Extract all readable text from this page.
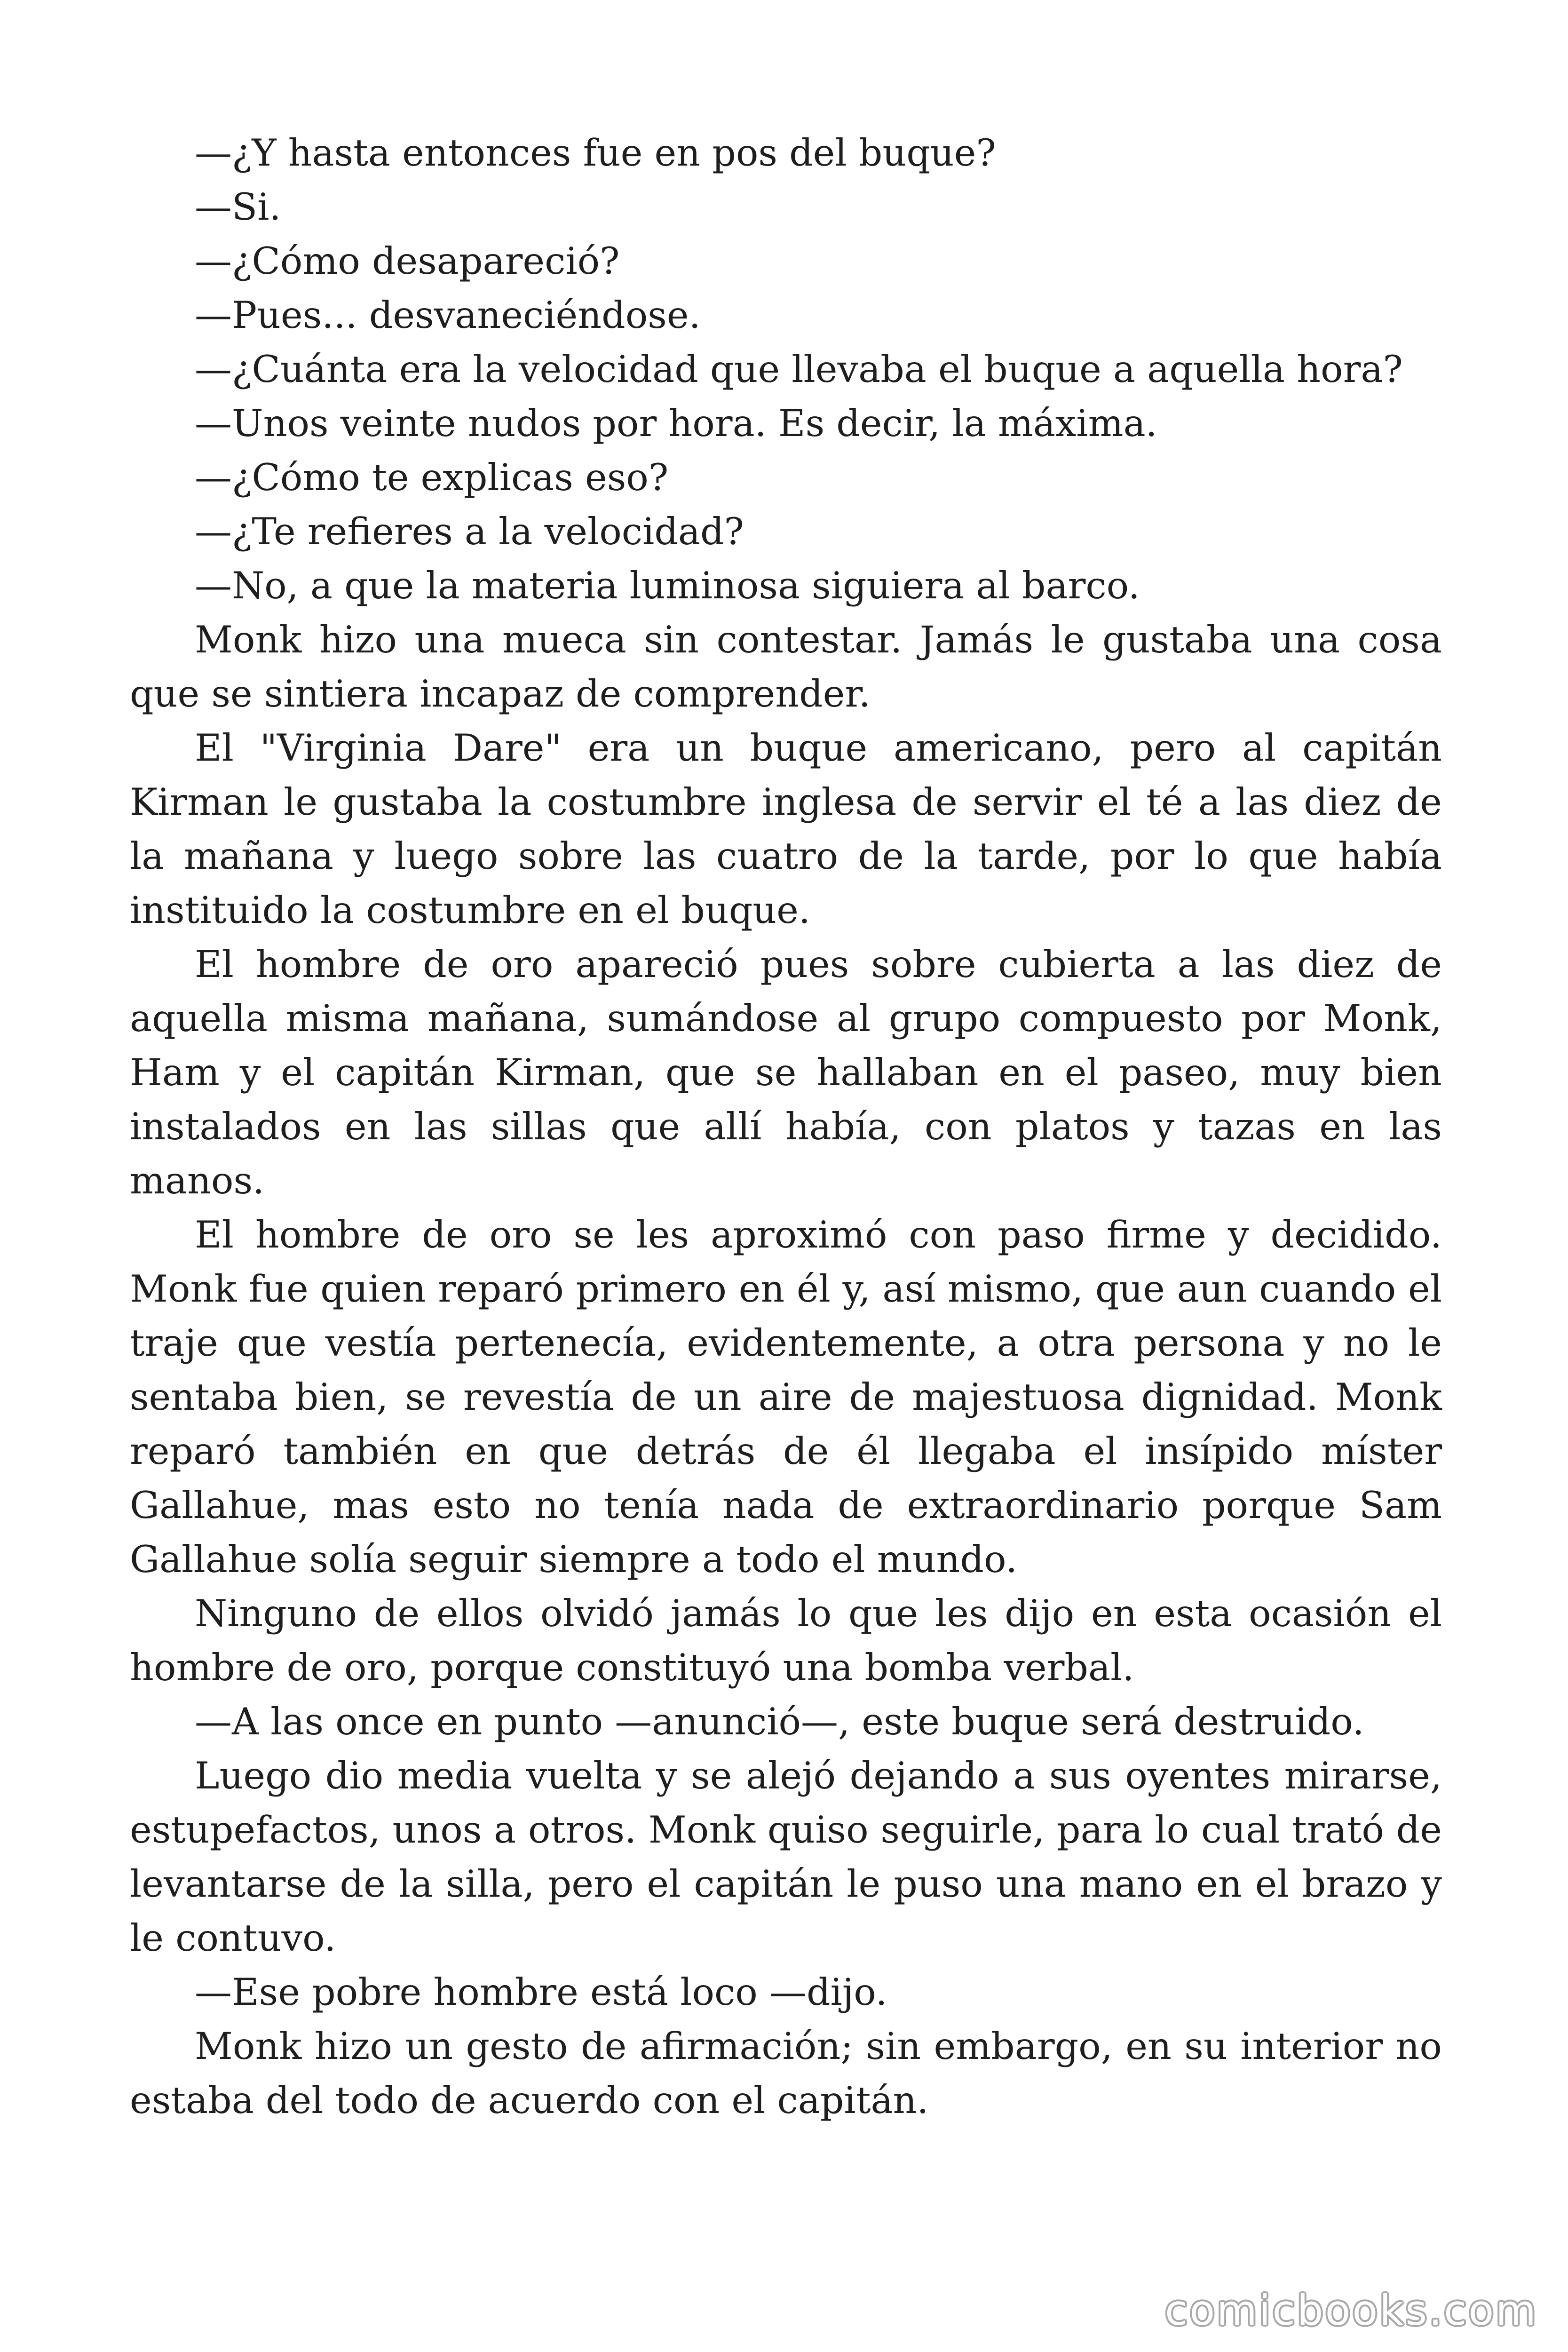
—¿Y hasta entonces fue en pos del buque?

—Si.

—¿Cómo desapareció?

—Pues... desvaneciéndose.

—¿Cuánta era la velocidad que llevaba el buque a aquella hora?

—Unos veinte nudos por hora. Es decir, la máxima.

—¿Cómo te explicas eso?

—¿Te refieres a la velocidad?

—No, a que la materia luminosa siguiera al barco.

Monk hizo una mueca sin contestar. Jamás le gustaba una cosa que se sintiera incapaz de comprender.

El "Virginia Dare" era un buque americano, pero al capitán Kirman le gustaba la costumbre inglesa de servir el té a las diez de la mañana y luego sobre las cuatro de la tarde, por lo que había instituido la costumbre en el buque.

El hombre de oro apareció pues sobre cubierta a las diez de aquella misma mañana, sumándose al grupo compuesto por Monk, Ham y el capitán Kirman, que se hallaban en el paseo, muy bien instalados en las sillas que allí había, con platos y tazas en las manos.

El hombre de oro se les aproximó con paso firme y decidido. Monk fue quien reparó primero en él y, así mismo, que aun cuando el traje que vestía pertenecía, evidentemente, a otra persona y no le sentaba bien, se revestía de un aire de majestuosa dignidad. Monk reparó también en que detrás de él llegaba el insípido míster Gallahue, mas esto no tenía nada de extraordinario porque Sam Gallahue solía seguir siempre a todo el mundo.

Ninguno de ellos olvidó jamás lo que les dijo en esta ocasión el hombre de oro, porque constituyó una bomba verbal.

—A las once en punto —anunció—, este buque será destruido.

Luego dio media vuelta y se alejó dejando a sus oyentes mirarse, estupefactos, unos a otros. Monk quiso seguirle, para lo cual trató de levantarse de la silla, pero el capitán le puso una mano en el brazo y le contuvo.

—Ese pobre hombre está loco —dijo.

Monk hizo un gesto de afirmación; sin embargo, en su interior no estaba del todo de acuerdo con el capitán.

comicbooks.com
